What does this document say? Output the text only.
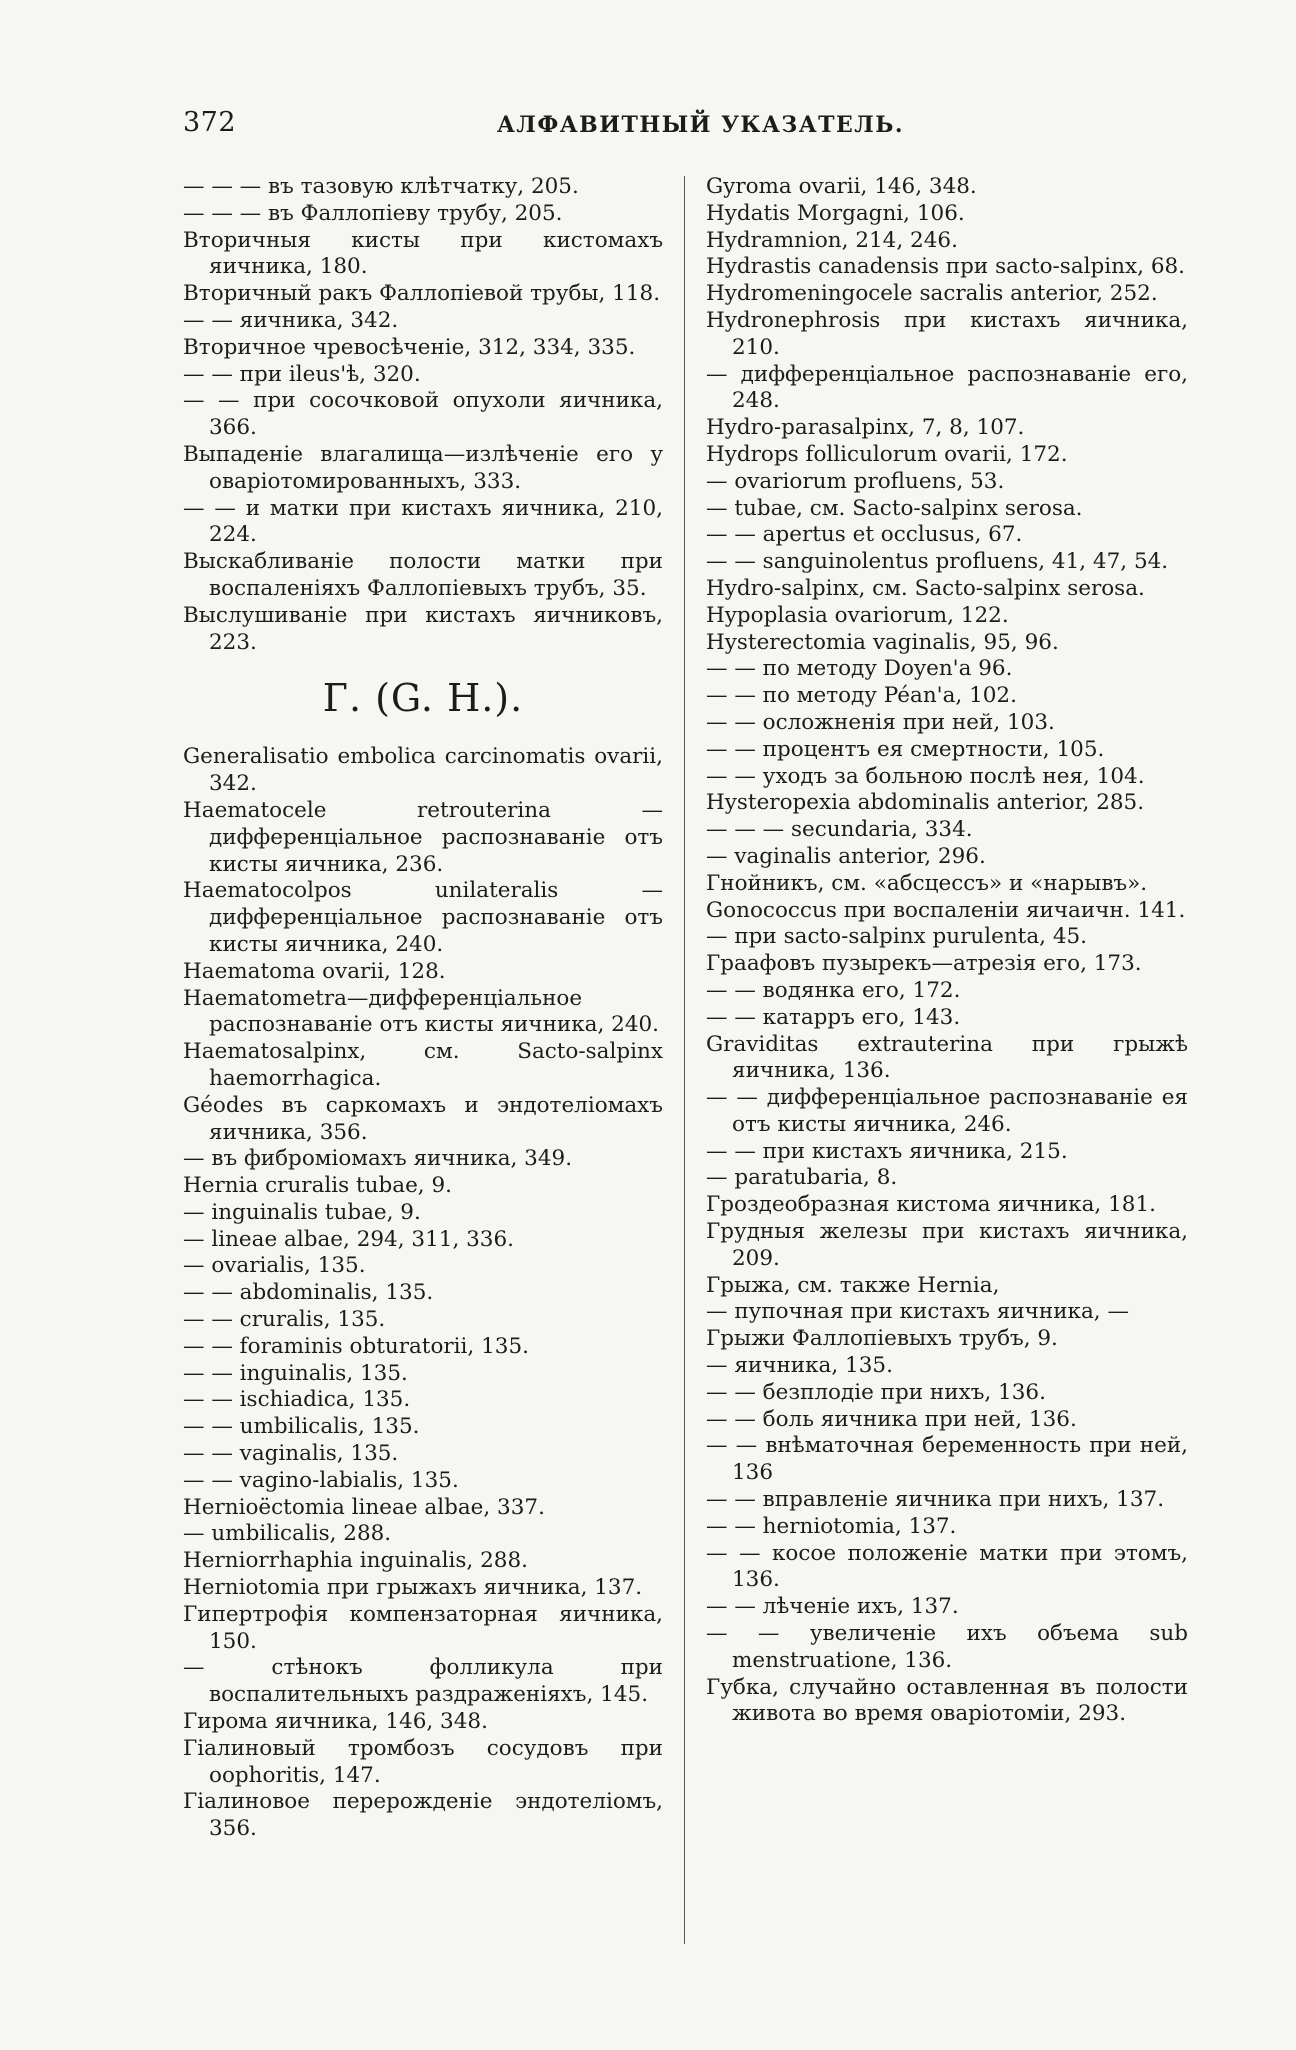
372	АЛФАВИТНЫЙ УКАЗАТЕЛЬ.

— — — въ тазовую клѣтчатку, 205.

— — — въ Фаллопіеву трубу, 205.

Вторичныя кисты при кистомахъ яичника, 180.

Вторичный ракъ Фаллопіевой трубы, 118.

— — яичника, 342.

Вторичное чревосѣченіе, 312, 334, 335.

— — при ileus'ѣ, 320.

— — при сосочковой опухоли яичника, 366.

Выпаденіе влагалища—излѣченіе его у оваріотомированныхъ, 333.

— — и матки при кистахъ яичника, 210, 224.

Выскабливаніе полости матки при воспаленіяхъ Фаллопіевыхъ трубъ, 35.

Выслушиваніе при кистахъ яичниковъ, 223.

Г. (G. H.).

Generalisatio embolica carcinomatis ovarii, 342.

Haematocele retrouterina — дифференціальное распознаваніе отъ кисты яичника, 236.

Haematocolpos unilateralis — дифференціальное распознаваніе отъ кисты яичника, 240.

Haematoma ovarii, 128.

Haematometra—дифференціальное распознаваніе отъ кисты яичника, 240.

Haematosalpinx, см. Sacto-salpinx haemorrhagica.

Géodes въ саркомахъ и эндотеліомахъ яичника, 356.

— въ фиброміомахъ яичника, 349.

Hernia cruralis tubae, 9.

— inguinalis tubae, 9.

— lineae albae, 294, 311, 336.

— ovarialis, 135.

— — abdominalis, 135.

— — cruralis, 135.

— — foraminis obturatorii, 135.

— — inguinalis, 135.

— — ischiadica, 135.

— — umbilicalis, 135.

— — vaginalis, 135.

— — vagino-labialis, 135.

Hernioëctomia lineae albae, 337.

— umbilicalis, 288.

Herniorrhaphia inguinalis, 288.

Herniotomia при грыжахъ яичника, 137.

Гипертрофія компензаторная яичника, 150.

— стѣнокъ фолликула при воспалительныхъ раздраженіяхъ, 145.

Гирома яичника, 146, 348.

Гіалиновый тромбозъ сосудовъ при oophoritis, 147.

Гіалиновое перерожденіе эндотеліомъ, 356.

Gyroma ovarii, 146, 348.

Hydatis Morgagni, 106.

Hydramnion, 214, 246.

Hydrastis canadensis при sacto-salpinx, 68.

Hydromeningocele sacralis anterior, 252.

Hydronephrosis при кистахъ яичника, 210.

— дифференціальное распознаваніе его, 248.

Hydro-parasalpinx, 7, 8, 107.

Hydrops folliculorum ovarii, 172.

— ovariorum profluens, 53.

— tubae, см. Sacto-salpinx serosa.

— — apertus et occlusus, 67.

— — sanguinolentus profluens, 41, 47, 54.

Hydro-salpinx, см. Sacto-salpinx serosa.

Hypoplasia ovariorum, 122.

Hysterectomia vaginalis, 95, 96.

— — по методу Doyen'a 96.

— — по методу Péan'a, 102.

— — осложненія при ней, 103.

— — процентъ ея смертности, 105.

— — уходъ за больною послѣ нея, 104.

Hysteropexia abdominalis anterior, 285.

— — — secundaria, 334.

— vaginalis anterior, 296.

Гнойникъ, см. «абсцессъ» и «нарывъ».

Gonococcus при воспаленіи яичаичн. 141.

— при sacto-salpinx purulenta, 45.

Граафовъ пузырекъ—атрезія его, 173.

— — водянка его, 172.

— — катарръ его, 143.

Graviditas extrauterina при грыжѣ яичника, 136.

— — дифференціальное распознаваніе ея отъ кисты яичника, 246.

— — при кистахъ яичника, 215.

— paratubaria, 8.

Гроздеобразная кистома яичника, 181.

Грудныя железы при кистахъ яичника, 209.

Грыжа, см. также Hernia,

— пупочная при кистахъ яичника, —

Грыжи Фаллопіевыхъ трубъ, 9.

— яичника, 135.

— — безплодіе при нихъ, 136.

— — боль яичника при ней, 136.

— — внѣматочная беременность при ней, 136

— — вправленіе яичника при нихъ, 137.

— — herniotomia, 137.

— — косое положеніе матки при этомъ, 136.

— — лѣченіе ихъ, 137.

— — увеличеніе ихъ объема sub menstruatione, 136.

Губка, случайно оставленная въ полости живота во время оваріотоміи, 293.
